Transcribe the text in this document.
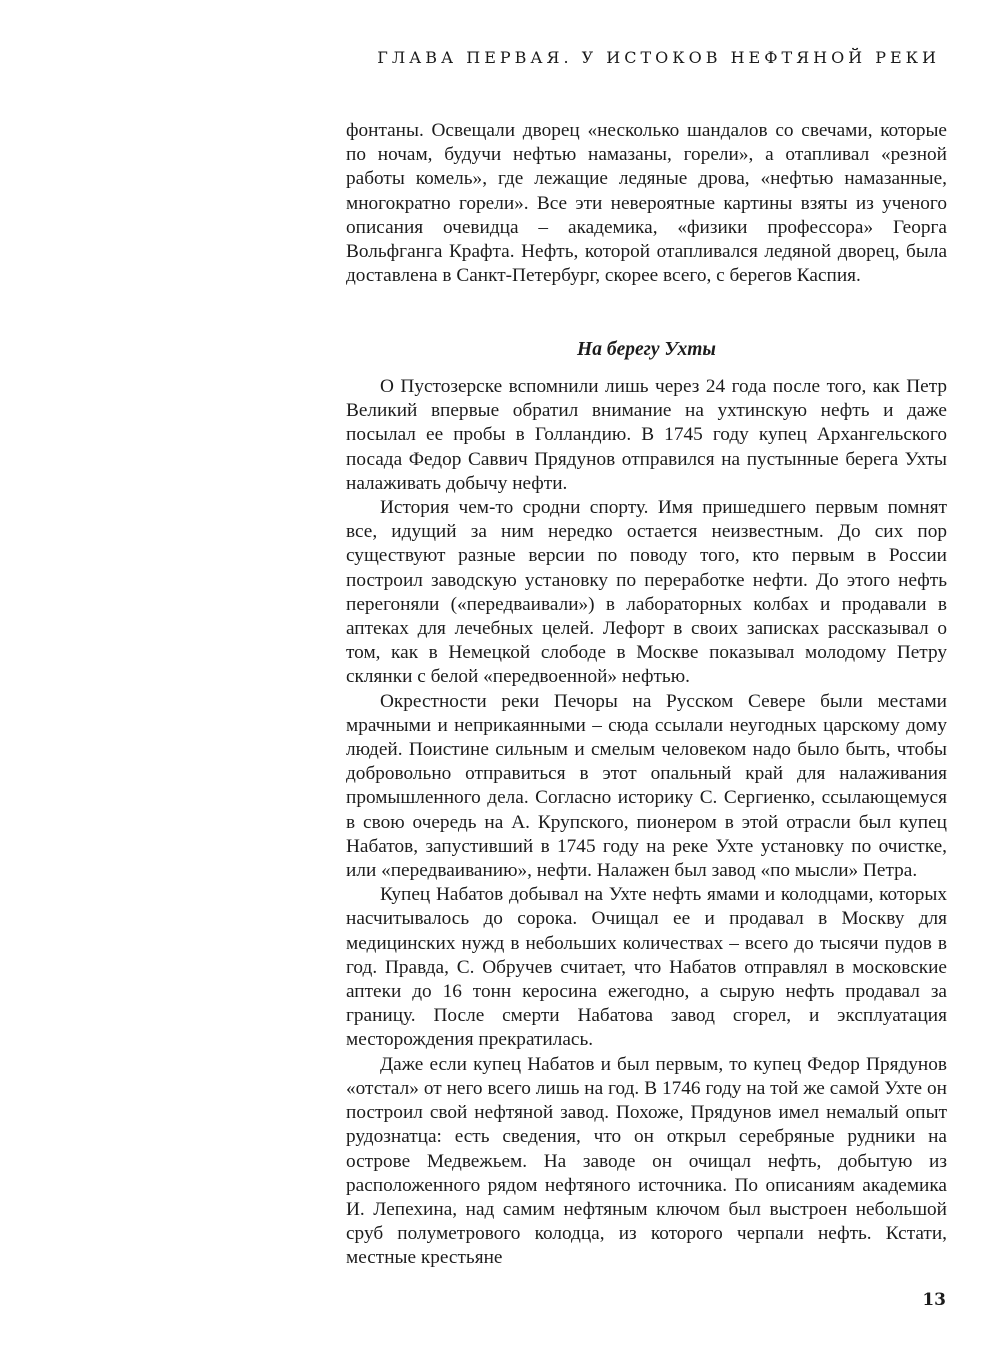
ГЛАВА ПЕРВАЯ. У ИСТОКОВ НЕФТЯНОЙ РЕКИ

фонтаны. Освещали дворец «несколько шандалов со свечами, которые по ночам, будучи нефтью намазаны, горели», а отапливал «резной работы комель», где лежащие ледяные дрова, «нефтью намазанные, многократно горели». Все эти невероятные картины взяты из ученого описания очевидца – академика, «физики профессора» Георга Вольфганга Крафта. Нефть, которой отапливался ледяной дворец, была доставлена в Санкт-Петербург, скорее всего, с берегов Каспия.

На берегу Ухты

О Пустозерске вспомнили лишь через 24 года после того, как Петр Великий впервые обратил внимание на ухтинскую нефть и даже посылал ее пробы в Голландию. В 1745 году купец Архангельского посада Федор Саввич Прядунов отправился на пустынные берега Ухты налаживать добычу нефти.

История чем-то сродни спорту. Имя пришедшего первым помнят все, идущий за ним нередко остается неизвестным. До сих пор существуют разные версии по поводу того, кто первым в России построил заводскую установку по переработке нефти. До этого нефть перегоняли («передваивали») в лабораторных колбах и продавали в аптеках для лечебных целей. Лефорт в своих записках рассказывал о том, как в Немецкой слободе в Москве показывал молодому Петру склянки с белой «передвоенной» нефтью.

Окрестности реки Печоры на Русском Севере были местами мрачными и неприкаянными – сюда ссылали неугодных царскому дому людей. Поистине сильным и смелым человеком надо было быть, чтобы добровольно отправиться в этот опальный край для налаживания промышленного дела. Согласно историку С. Сергиенко, ссылающемуся в свою очередь на А. Крупского, пионером в этой отрасли был купец Набатов, запустивший в 1745 году на реке Ухте установку по очистке, или «передваиванию», нефти. Налажен был завод «по мысли» Петра.

Купец Набатов добывал на Ухте нефть ямами и колодцами, которых насчитывалось до сорока. Очищал ее и продавал в Москву для медицинских нужд в небольших количествах – всего до тысячи пудов в год. Правда, С. Обручев считает, что Набатов отправлял в московские аптеки до 16 тонн керосина ежегодно, а сырую нефть продавал за границу. После смерти Набатова завод сгорел, и эксплуатация месторождения прекратилась.

Даже если купец Набатов и был первым, то купец Федор Прядунов «отстал» от него всего лишь на год. В 1746 году на той же самой Ухте он построил свой нефтяной завод. Похоже, Прядунов имел немалый опыт рудознатца: есть сведения, что он открыл серебряные рудники на острове Медвежьем. На заводе он очищал нефть, добытую из расположенного рядом нефтяного источника. По описаниям академика И. Лепехина, над самим нефтяным ключом был выстроен небольшой сруб полуметрового колодца, из которого черпали нефть. Кстати, местные крестьяне

13
